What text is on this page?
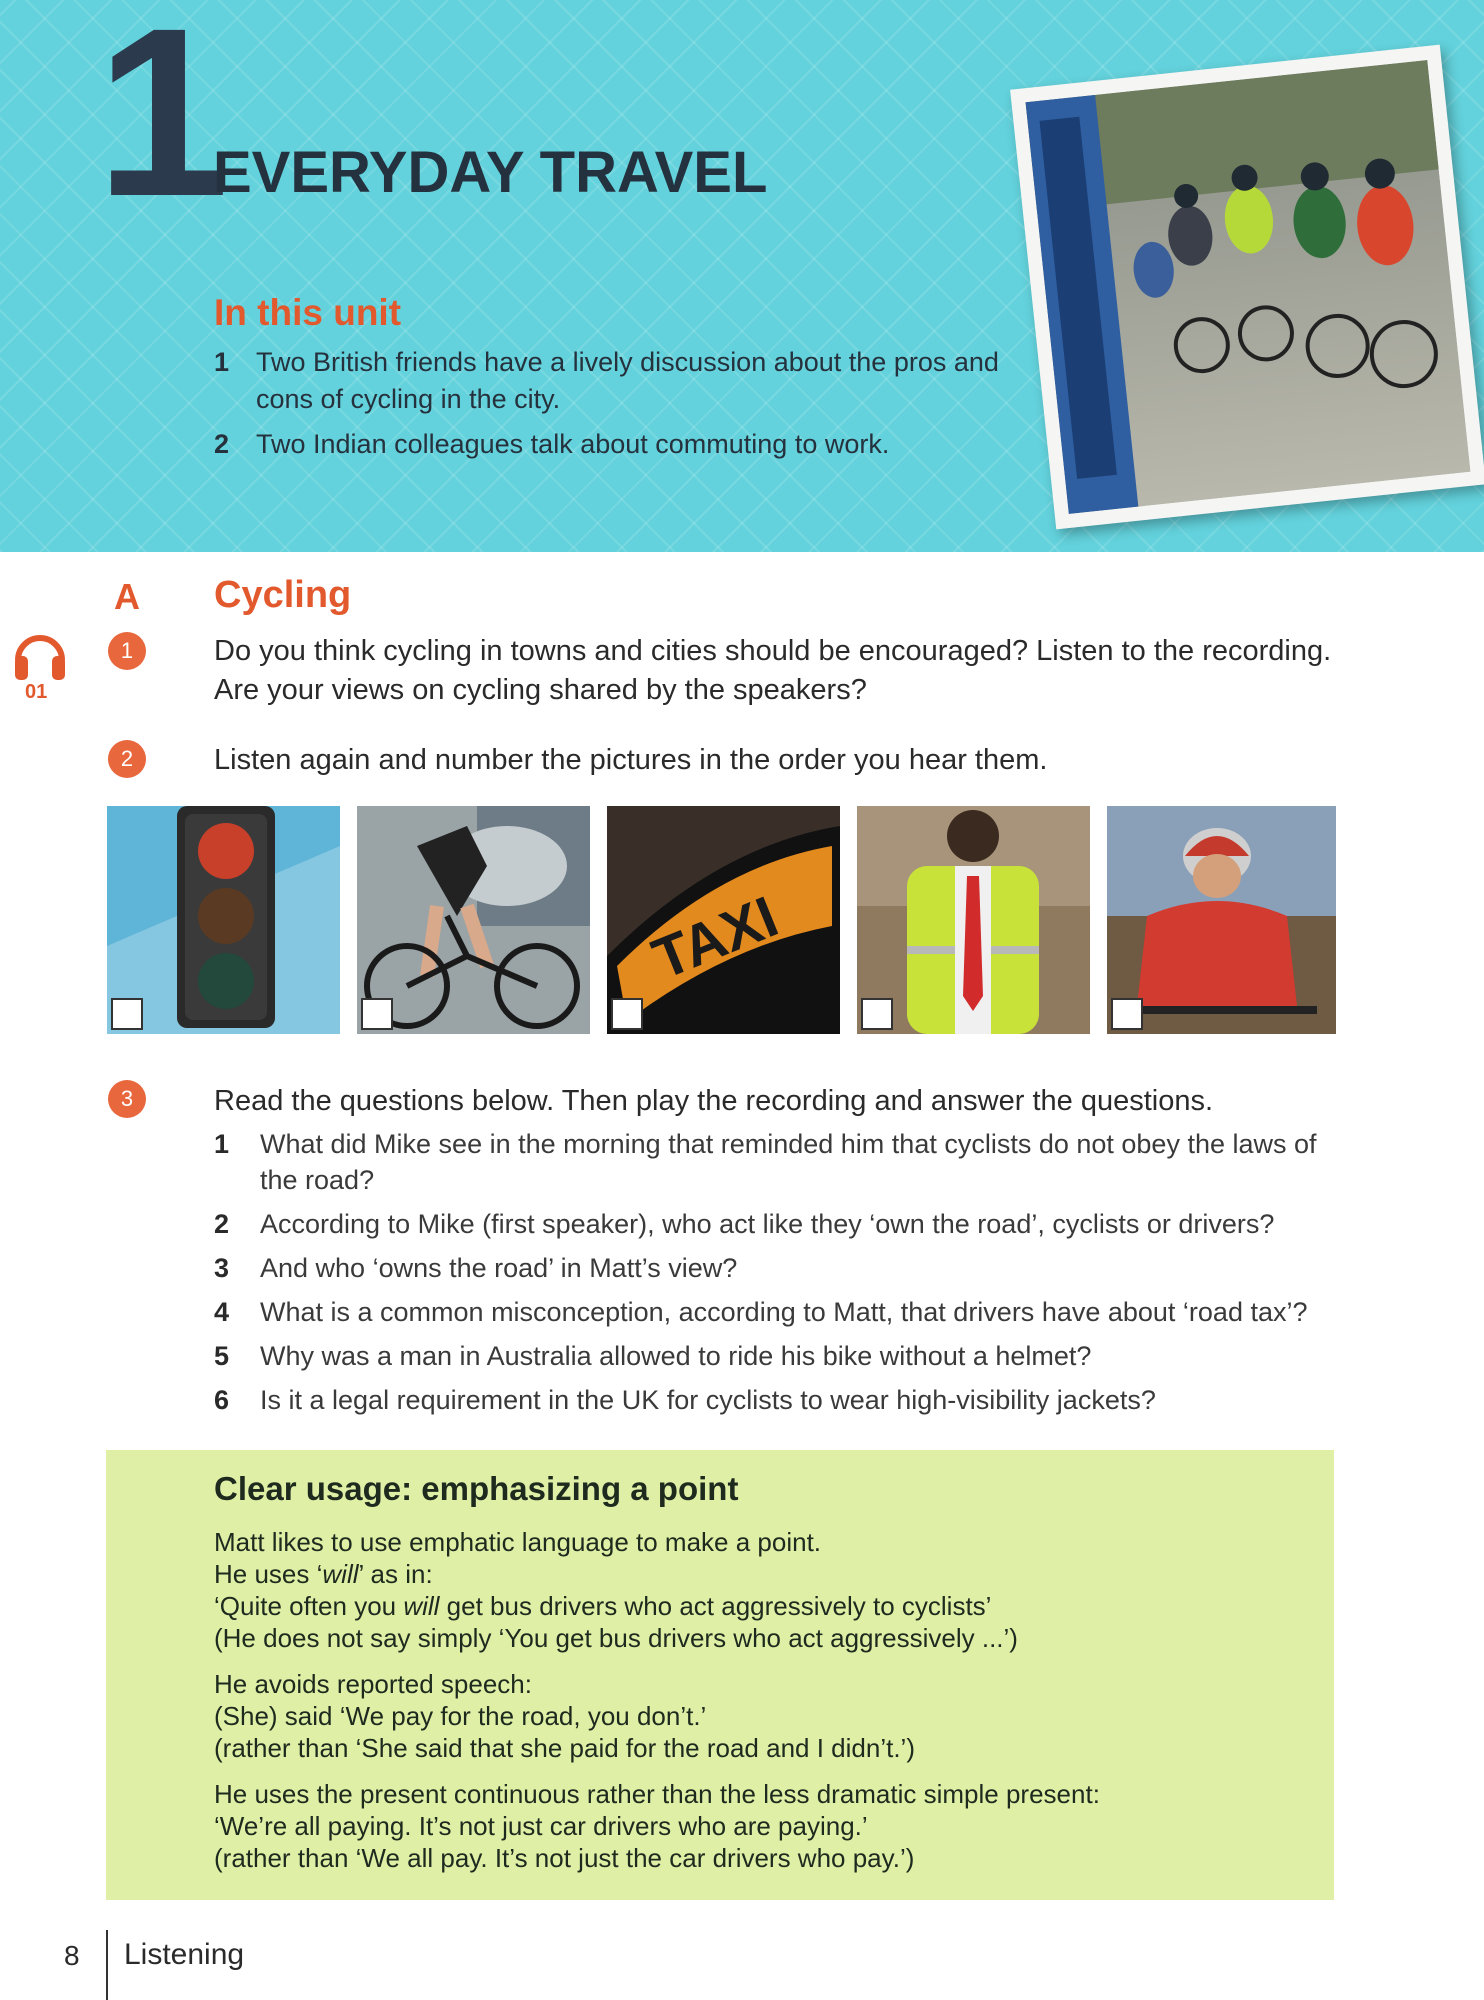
1
EVERYDAY TRAVEL
In this unit
1 Two British friends have a lively discussion about the pros and cons of cycling in the city.
2 Two Indian colleagues talk about commuting to work.
A Cycling
01
1	Do you think cycling in towns and cities should be encouraged? Listen to the recording. Are your views on cycling shared by the speakers?
2	Listen again and number the pictures in the order you hear them.
TAXI
3	Read the questions below. Then play the recording and answer the questions.
1 What did Mike see in the morning that reminded him that cyclists do not obey the laws of the road?
2 According to Mike (first speaker), who act like they ‘own the road’, cyclists or drivers?
3 And who ‘owns the road’ in Matt’s view?
4 What is a common misconception, according to Matt, that drivers have about ‘road tax’?
5 Why was a man in Australia allowed to ride his bike without a helmet?
6 Is it a legal requirement in the UK for cyclists to wear high-visibility jackets?
Clear usage: emphasizing a point

Matt likes to use emphatic language to make a point.

He uses ‘will’ as in:

‘Quite often you will get bus drivers who act aggressively to cyclists’

(He does not say simply ‘You get bus drivers who act aggressively ...’)

He avoids reported speech:

(She) said ‘We pay for the road, you don’t.’

(rather than ‘She said that she paid for the road and I didn’t.’)

He uses the present continuous rather than the less dramatic simple present:

‘We’re all paying. It’s not just car drivers who are paying.’

(rather than ‘We all pay. It’s not just the car drivers who pay.’)

8 Listening
